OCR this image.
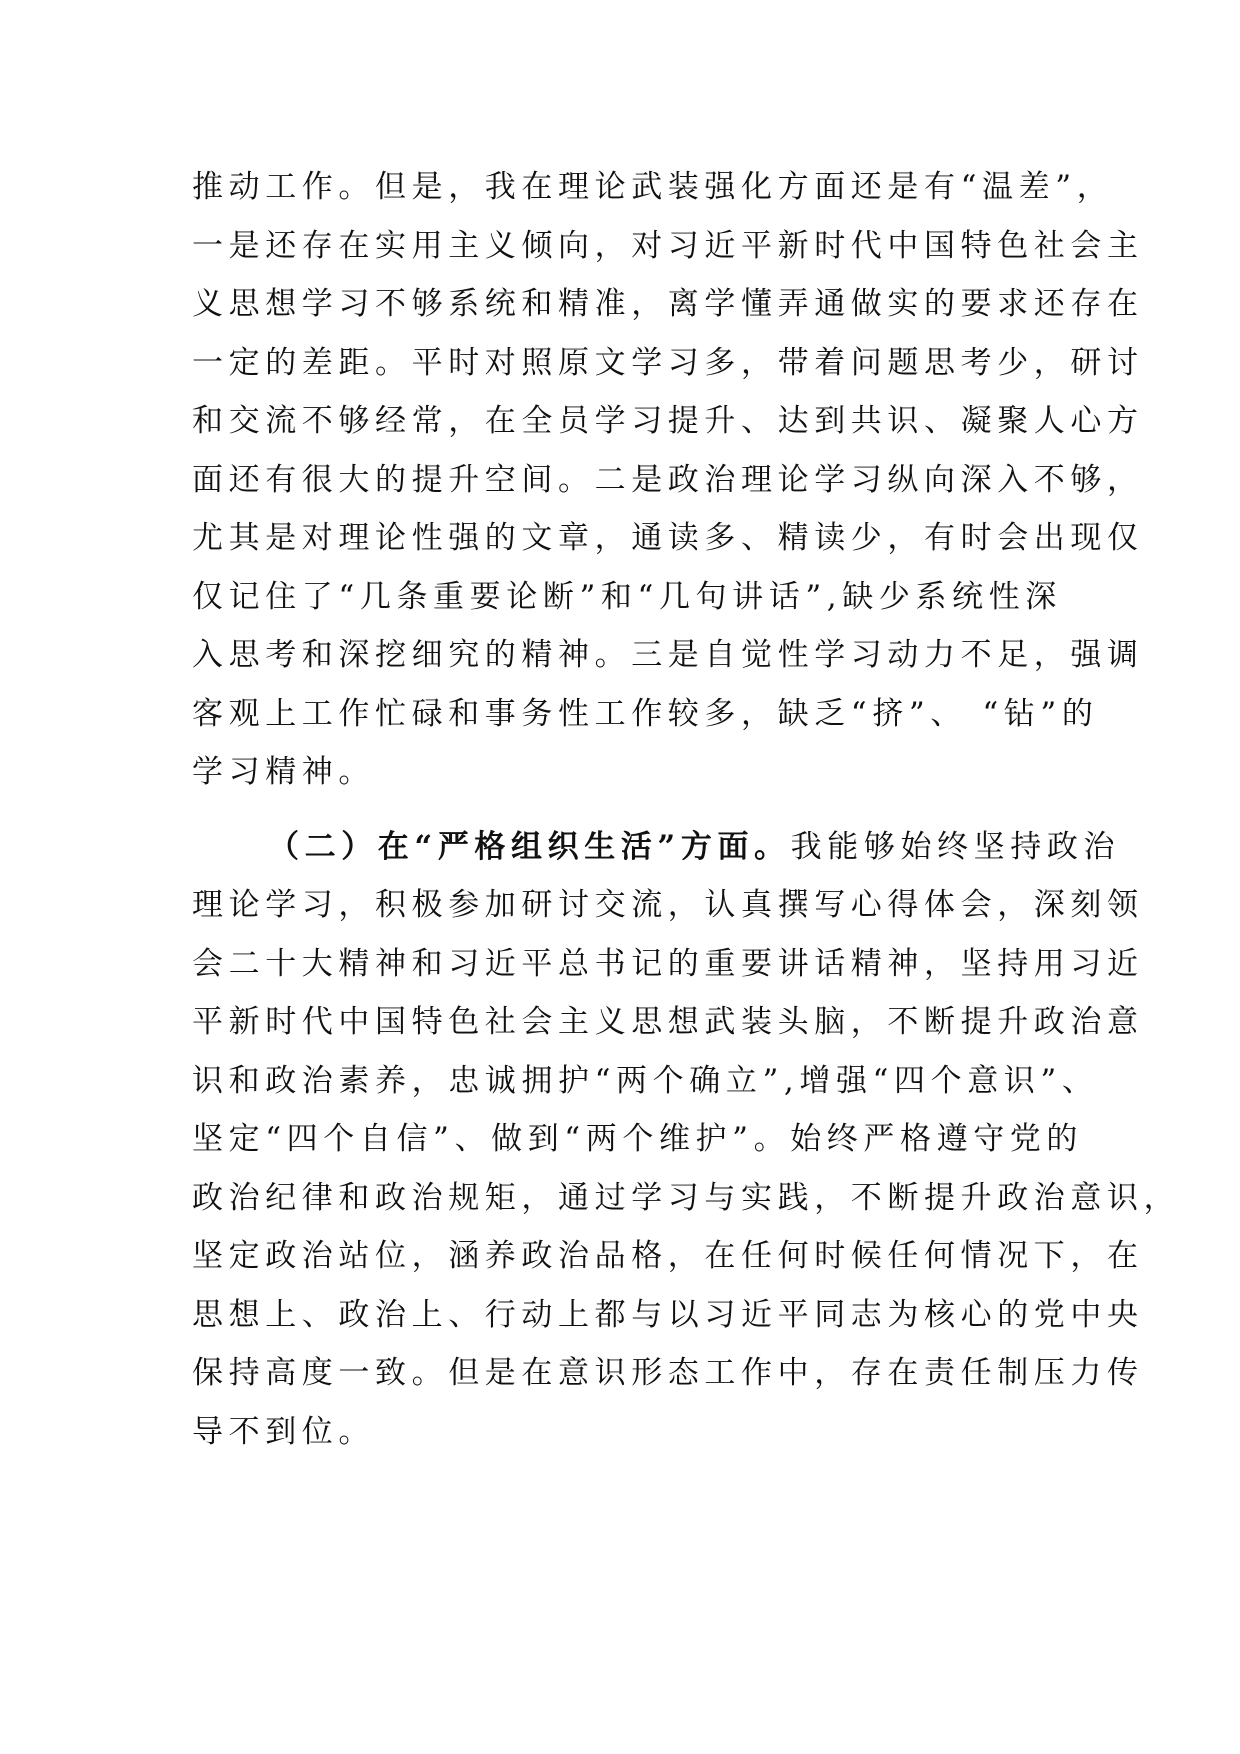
推动工作。但是，我在理论武装强化方面还是有“温差”，
一是还存在实用主义倾向，对习近平新时代中国特色社会主
义思想学习不够系统和精准，离学懂弄通做实的要求还存在
一定的差距。平时对照原文学习多，带着问题思考少，研讨
和交流不够经常，在全员学习提升、达到共识、凝聚人心方
面还有很大的提升空间。二是政治理论学习纵向深入不够，
尤其是对理论性强的文章，通读多、精读少，有时会出现仅
仅记住了“几条重要论断”和“几句讲话”,缺少系统性深
入思考和深挖细究的精神。三是自觉性学习动力不足，强调
客观上工作忙碌和事务性工作较多，缺乏“挤”、 “钻”的
学习精神。
（二）在“严格组织生活”方面。我能够始终坚持政治
理论学习，积极参加研讨交流，认真撰写心得体会，深刻领
会二十大精神和习近平总书记的重要讲话精神，坚持用习近
平新时代中国特色社会主义思想武装头脑，不断提升政治意
识和政治素养，忠诚拥护“两个确立”,增强“四个意识”、
坚定“四个自信”、做到“两个维护”。始终严格遵守党的
政治纪律和政治规矩，通过学习与实践，不断提升政治意识，
坚定政治站位，涵养政治品格，在任何时候任何情况下，在
思想上、政治上、行动上都与以习近平同志为核心的党中央
保持高度一致。但是在意识形态工作中，存在责任制压力传
导不到位。
